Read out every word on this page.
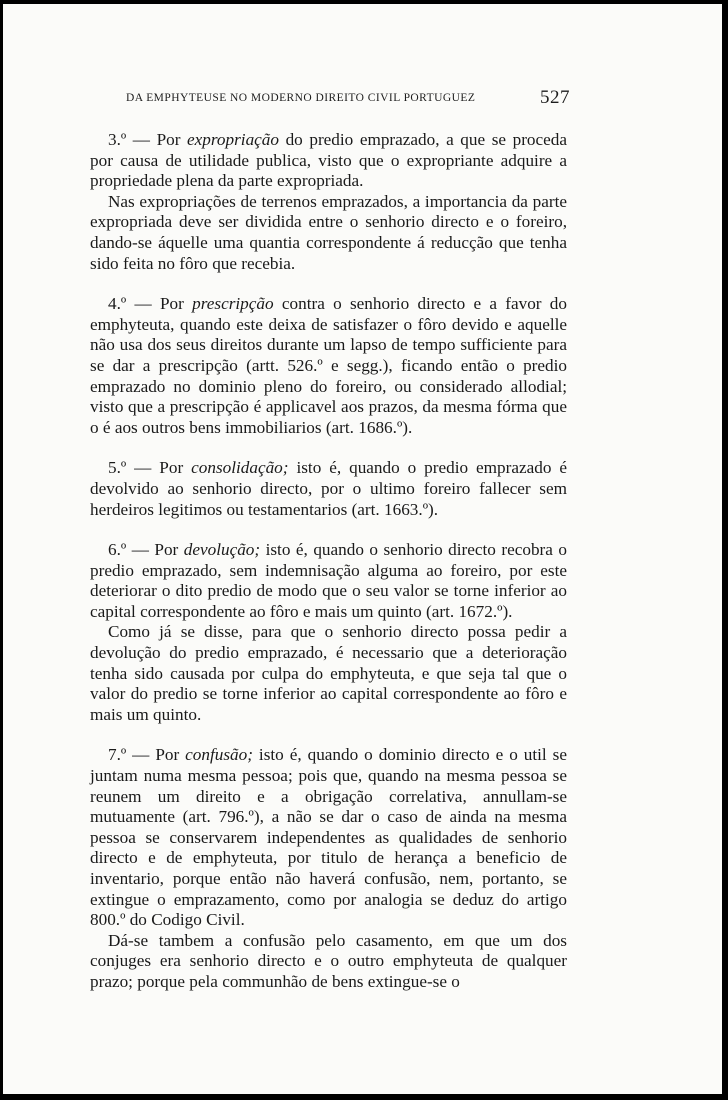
DA EMPHYTEUSE NO MODERNO DIREITO CIVIL PORTUGUEZ	527

3.º — Por expropriação do predio emprazado, a que se proceda por causa de utilidade publica, visto que o expropriante adquire a propriedade plena da parte expropriada.

Nas expropriações de terrenos emprazados, a importancia da parte expropriada deve ser dividida entre o senhorio directo e o foreiro, dando-se áquelle uma quantia correspondente á reducção que tenha sido feita no fôro que recebia.

4.º — Por prescripção contra o senhorio directo e a favor do emphyteuta, quando este deixa de satisfazer o fôro devido e aquelle não usa dos seus direitos durante um lapso de tempo sufficiente para se dar a prescripção (artt. 526.º e segg.), ficando então o predio emprazado no dominio pleno do foreiro, ou considerado allodial; visto que a prescripção é applicavel aos prazos, da mesma fórma que o é aos outros bens immobiliarios (art. 1686.º).

5.º — Por consolidação; isto é, quando o predio emprazado é devolvido ao senhorio directo, por o ultimo foreiro fallecer sem herdeiros legitimos ou testamentarios (art. 1663.º).

6.º — Por devolução; isto é, quando o senhorio directo recobra o predio emprazado, sem indemnisação alguma ao foreiro, por este deteriorar o dito predio de modo que o seu valor se torne inferior ao capital correspondente ao fôro e mais um quinto (art. 1672.º).

Como já se disse, para que o senhorio directo possa pedir a devolução do predio emprazado, é necessario que a deterioração tenha sido causada por culpa do emphyteuta, e que seja tal que o valor do predio se torne inferior ao capital correspondente ao fôro e mais um quinto.

7.º — Por confusão; isto é, quando o dominio directo e o util se juntam numa mesma pessoa; pois que, quando na mesma pessoa se reunem um direito e a obrigação correlativa, annullam-se mutuamente (art. 796.º), a não se dar o caso de ainda na mesma pessoa se conservarem independentes as qualidades de senhorio directo e de emphyteuta, por titulo de herança a beneficio de inventario, porque então não haverá confusão, nem, portanto, se extingue o emprazamento, como por analogia se deduz do artigo 800.º do Codigo Civil.

Dá-se tambem a confusão pelo casamento, em que um dos conjuges era senhorio directo e o outro emphyteuta de qualquer prazo; porque pela communhão de bens extingue-se o
